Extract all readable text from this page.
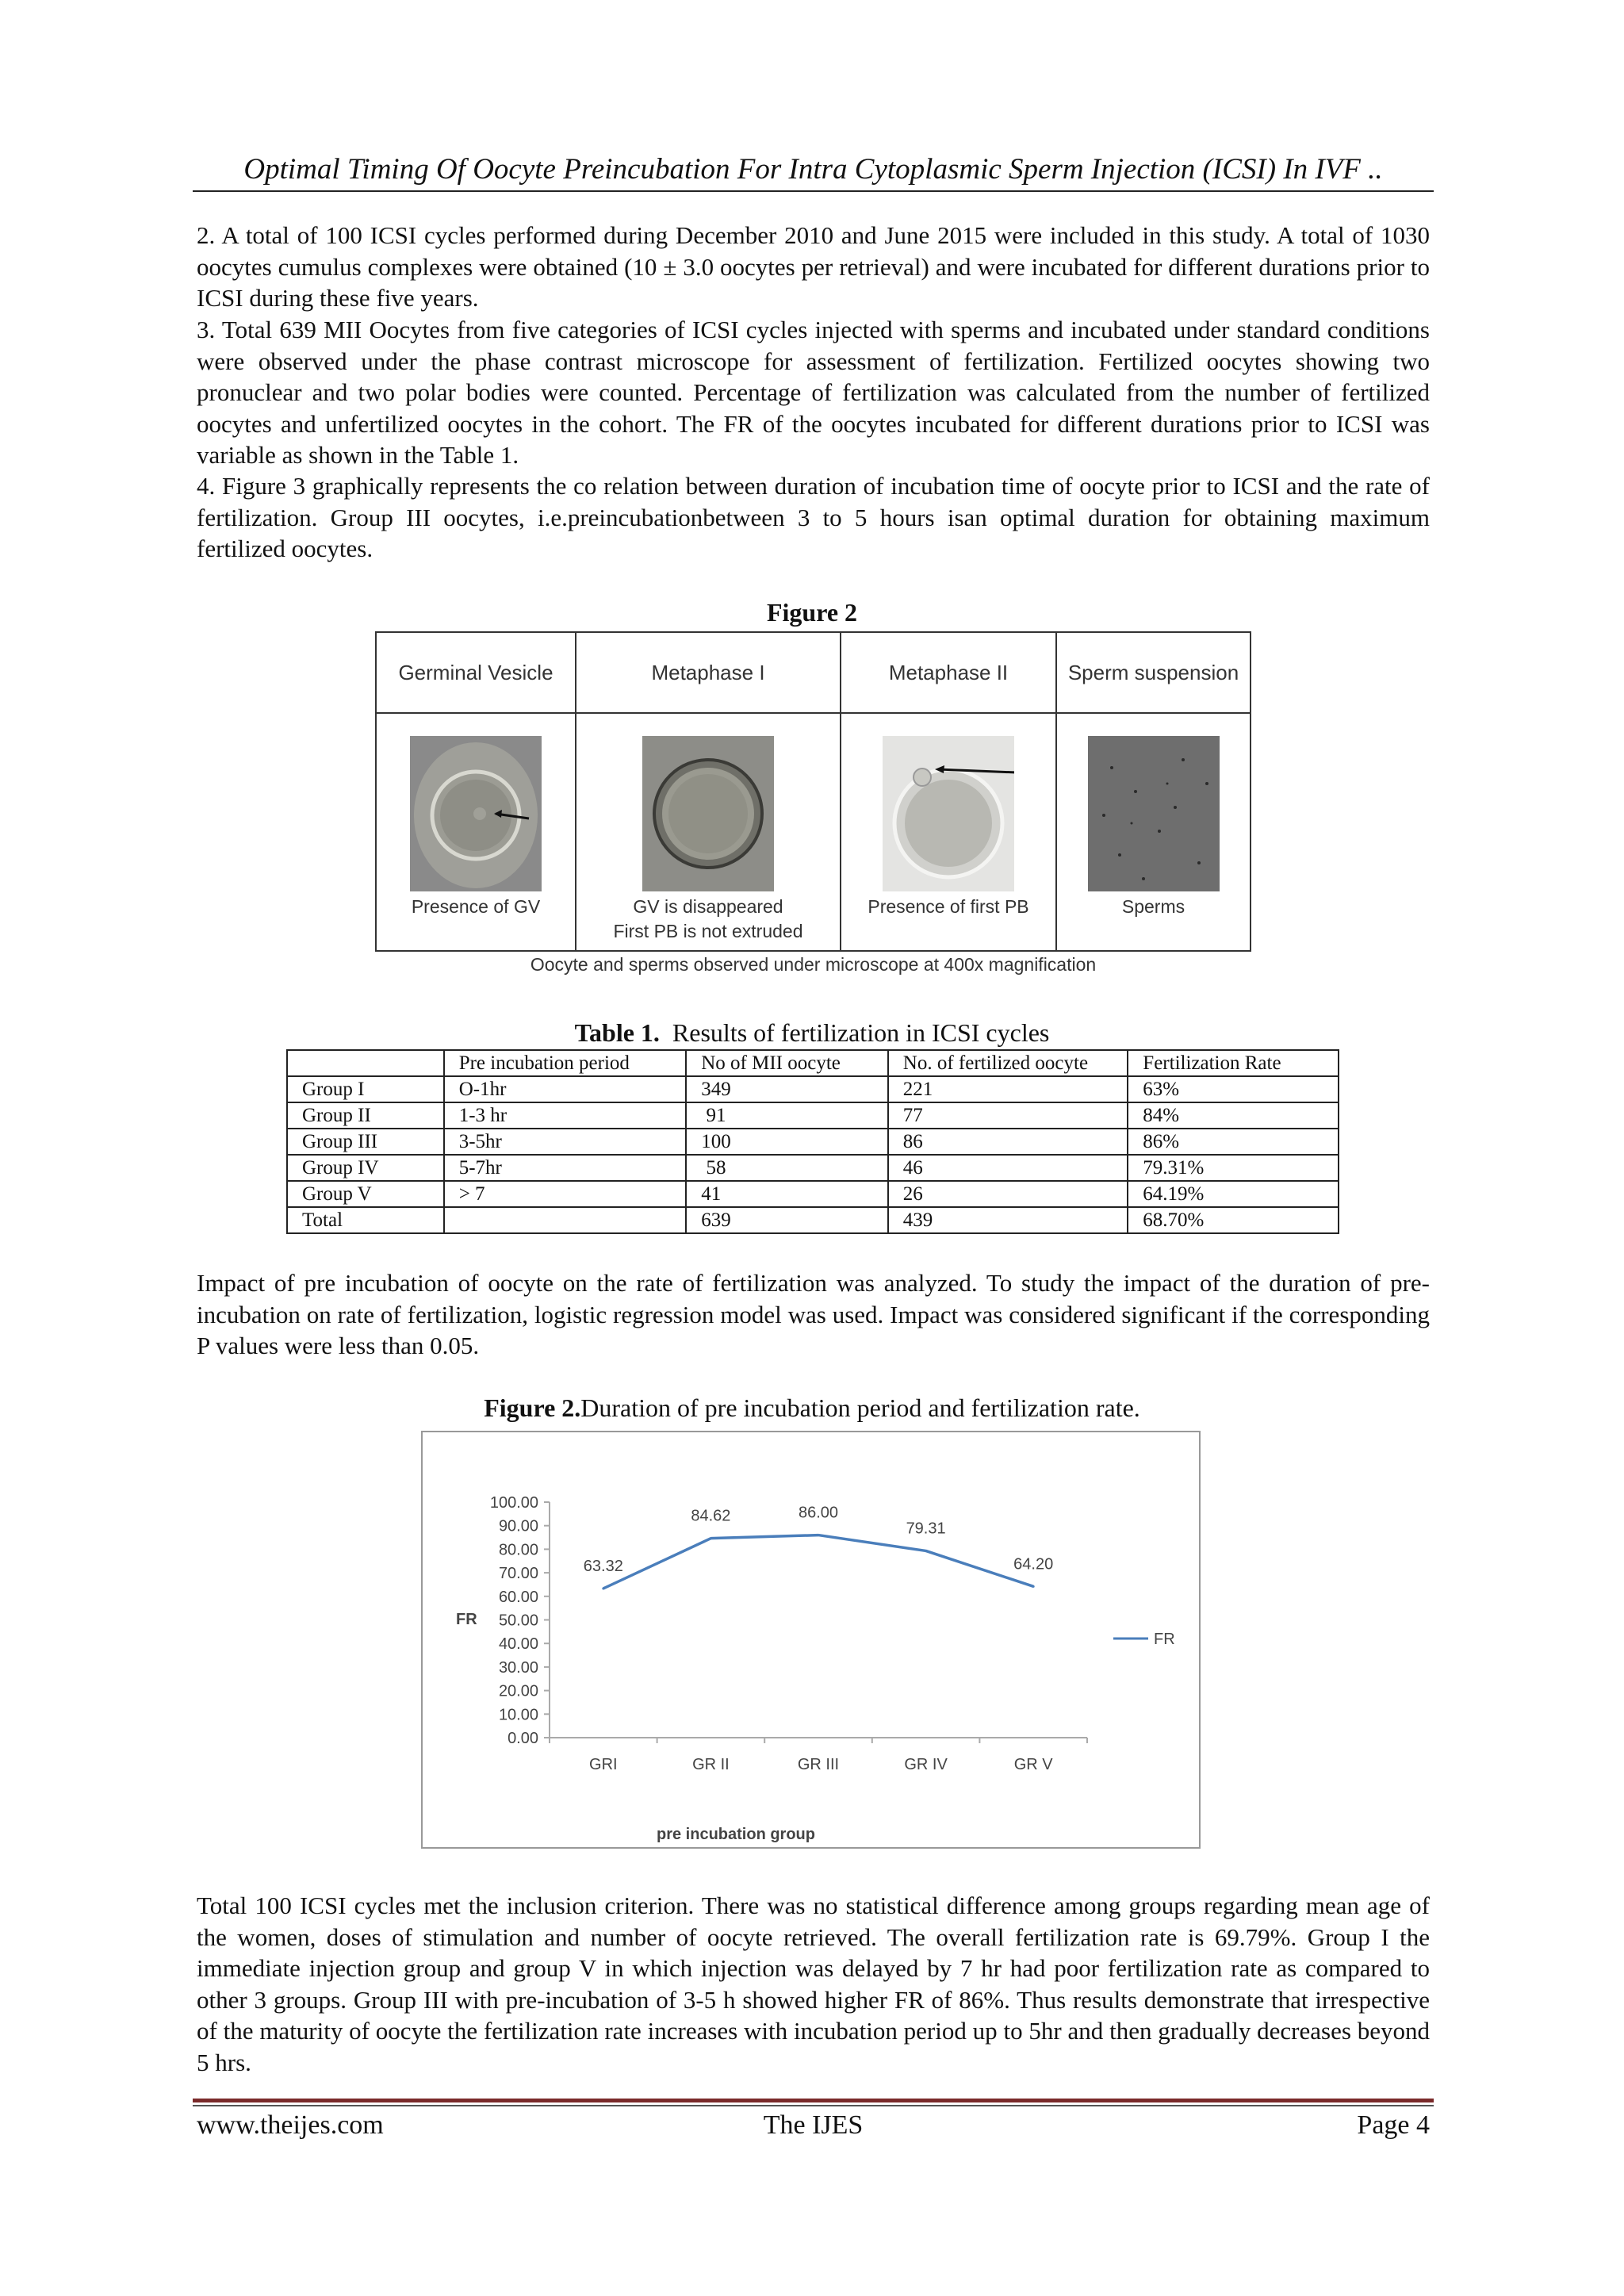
Optimal Timing Of Oocyte Preincubation For Intra Cytoplasmic Sperm Injection (ICSI) In IVF ..
2. A total of 100 ICSI cycles performed during December 2010 and June 2015 were included in this study. A total of 1030 oocytes cumulus complexes were obtained (10 ± 3.0 oocytes per retrieval) and were incubated for different durations prior to ICSI during these five years.
3. Total 639 MII Oocytes from five categories of ICSI cycles injected with sperms and incubated under standard conditions were observed under the phase contrast microscope for assessment of fertilization. Fertilized oocytes showing two pronuclear and two polar bodies were counted. Percentage of fertilization was calculated from the number of fertilized oocytes and unfertilized oocytes in the cohort. The FR of the oocytes incubated for different durations prior to ICSI was variable as shown in the Table 1.
4. Figure 3 graphically represents the co relation between duration of incubation time of oocyte prior to ICSI and the rate of fertilization. Group III oocytes, i.e.preincubationbetween 3 to 5 hours isan optimal duration for obtaining maximum fertilized oocytes.
Figure 2
Germinal Vesicle
Presence of GV
Metaphase I
GV is disappeared
First PB is not extruded
Metaphase II
Presence of first PB
Sperm suspension
Sperms
Oocyte and sperms observed under microscope at 400x magnification
Table 1.  Results of fertilization in ICSI cycles
	Pre incubation period	No of MII oocyte	No. of fertilized oocyte	Fertilization Rate
Group I	O-1hr	349	221	63%
Group II	1-3 hr	91	77	84%
Group III	3-5hr	100	86	86%
Group IV	5-7hr	58	46	79.31%
Group V	> 7	41	26	64.19%
Total		639	439	68.70%
Impact of pre incubation of oocyte on the rate of fertilization was analyzed. To study the impact of the duration of pre-incubation on rate of fertilization, logistic regression model was used. Impact was considered significant if the corresponding P values were less than 0.05.
Figure 2.Duration of pre incubation period and fertilization rate.
0.00
10.00
20.00
30.00
40.00
50.00
60.00
70.00
80.00
90.00
100.00
GRI	GR II	GR III	GR IV	GR V
63.32
84.62	86.00
79.31
64.20
FR
pre incubation group
FR
Total 100 ICSI cycles met the inclusion criterion. There was no statistical difference among groups regarding mean age of the women, doses of stimulation and number of oocyte retrieved. The overall fertilization rate is 69.79%. Group I the immediate injection group and group V in which injection was delayed by 7 hr had poor fertilization rate as compared to other 3 groups. Group III with pre-incubation of 3-5 h showed higher FR of 86%. Thus results demonstrate that irrespective of the maturity of oocyte the fertilization rate increases with incubation period up to 5hr and then gradually decreases beyond 5 hrs.
www.theijes.com	The IJES	Page 4
